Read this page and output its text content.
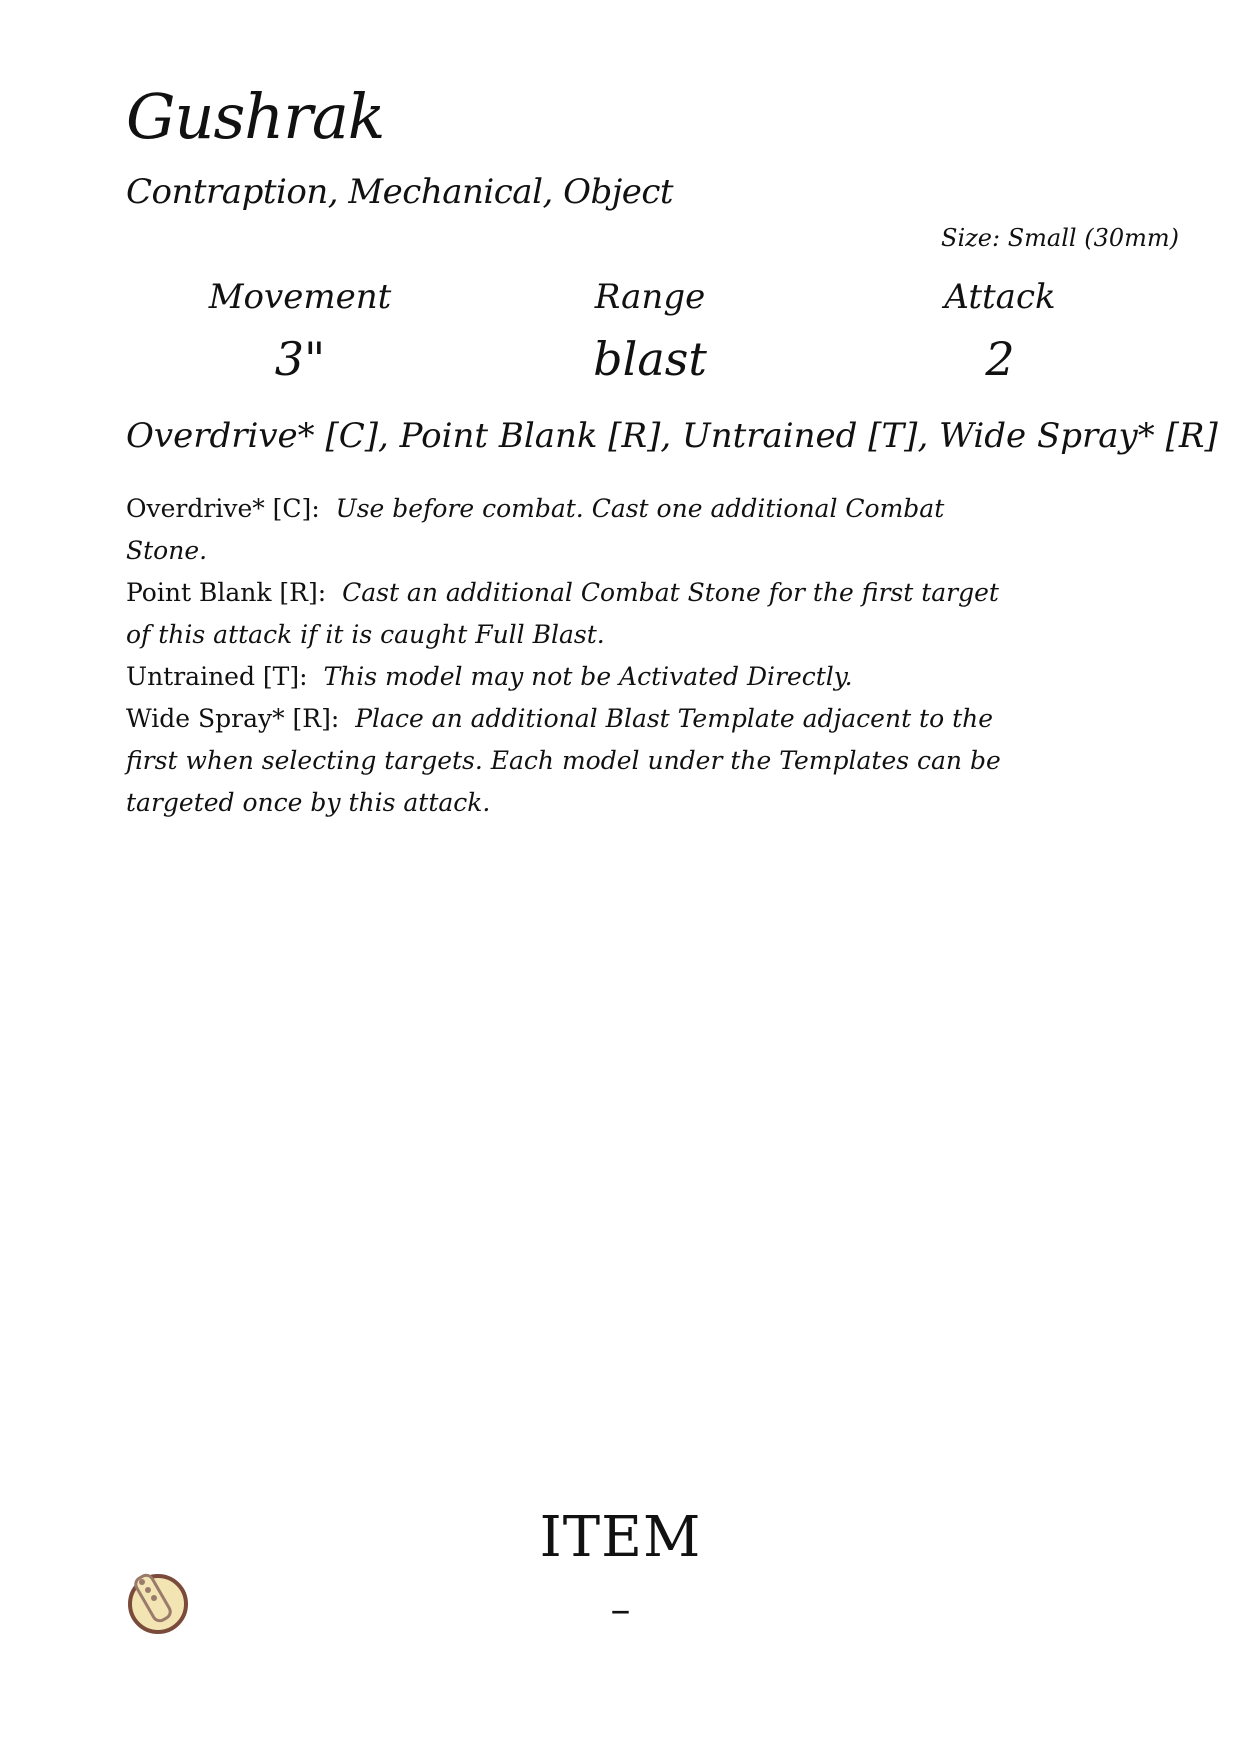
Gushrak
Contraption, Mechanical, Object
Size: Small (30mm)
Movement
3"
Range
blast
Attack
2
Overdrive* [C], Point Blank [R], Untrained [T], Wide Spray* [R]
Overdrive* [C]: Use before combat. Cast one additional Combat Stone.
Point Blank [R]: Cast an additional Combat Stone for the first target of this attack if it is caught Full Blast.
Untrained [T]: This model may not be Activated Directly.
Wide Spray* [R]: Place an additional Blast Template adjacent to the first when selecting targets. Each model under the Templates can be targeted once by this attack.
ITEM
–
